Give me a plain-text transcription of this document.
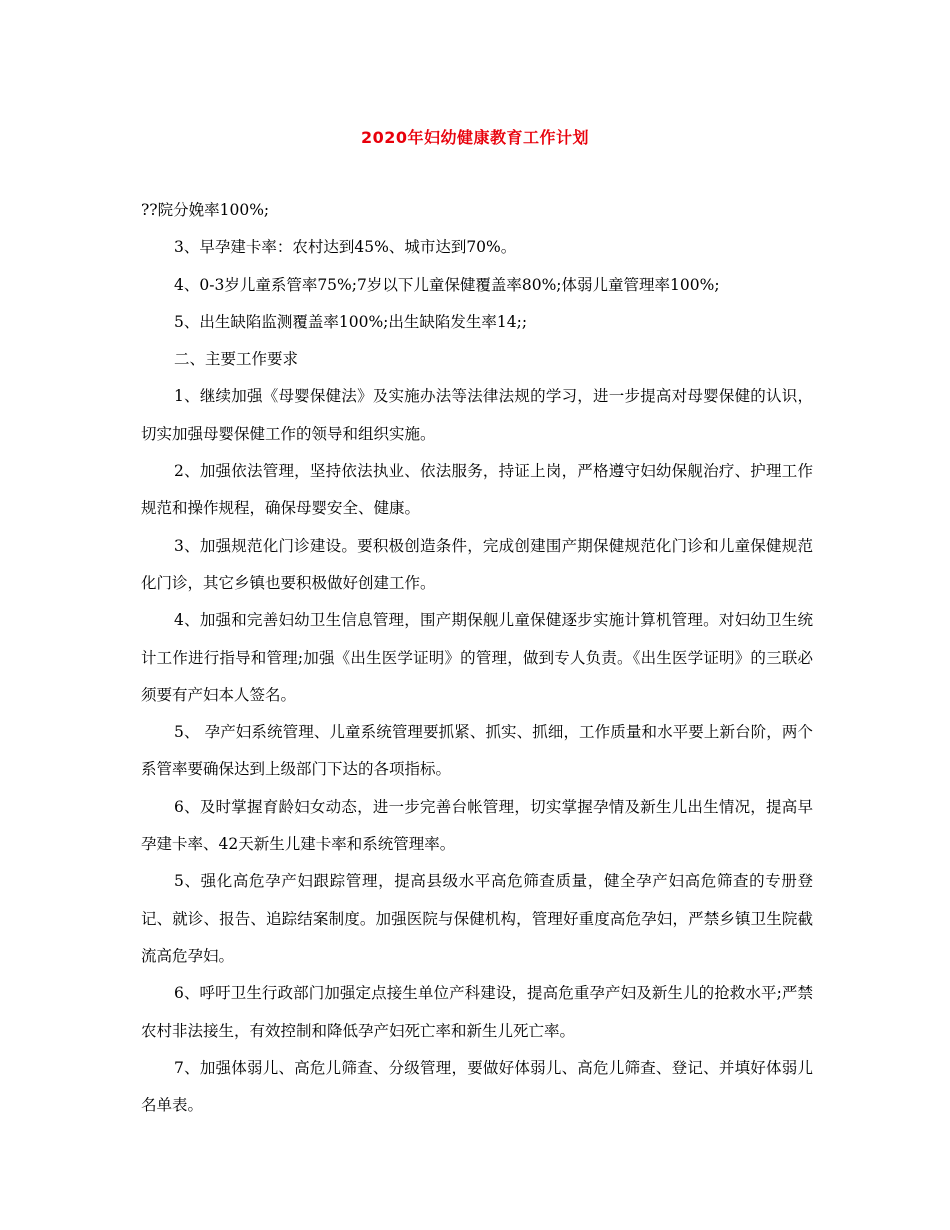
2020年妇幼健康教育工作计划

??院分娩率100%;

3、早孕建卡率：农村达到45%、城市达到70%。

4、0-3岁儿童系管率75%;7岁以下儿童保健覆盖率80%;体弱儿童管理率100%;

5、出生缺陷监测覆盖率100%;出生缺陷发生率14;;

二、主要工作要求

1、继续加强《母婴保健法》及实施办法等法律法规的学习，进一步提高对母婴保健的认识，切实加强母婴保健工作的领导和组织实施。

2、加强依法管理，坚持依法执业、依法服务，持证上岗，严格遵守妇幼保舰治疗、护理工作规范和操作规程，确保母婴安全、健康。

3、加强规范化门诊建设。要积极创造条件，完成创建围产期保健规范化门诊和儿童保健规范化门诊，其它乡镇也要积极做好创建工作。

4、加强和完善妇幼卫生信息管理，围产期保舰儿童保健逐步实施计算机管理。对妇幼卫生统计工作进行指导和管理;加强《出生医学证明》的管理，做到专人负责。《出生医学证明》的三联必须要有产妇本人签名。

5、 孕产妇系统管理、儿童系统管理要抓紧、抓实、抓细，工作质量和水平要上新台阶，两个系管率要确保达到上级部门下达的各项指标。

6、及时掌握育龄妇女动态，进一步完善台帐管理，切实掌握孕情及新生儿出生情况，提高早孕建卡率、42天新生儿建卡率和系统管理率。

5、强化高危孕产妇跟踪管理，提高县级水平高危筛查质量，健全孕产妇高危筛查的专册登记、就诊、报告、追踪结案制度。加强医院与保健机构，管理好重度高危孕妇，严禁乡镇卫生院截流高危孕妇。

6、呼吁卫生行政部门加强定点接生单位产科建设，提高危重孕产妇及新生儿的抢救水平;严禁农村非法接生，有效控制和降低孕产妇死亡率和新生儿死亡率。

7、加强体弱儿、高危儿筛查、分级管理，要做好体弱儿、高危儿筛查、登记、并填好体弱儿名单表。
